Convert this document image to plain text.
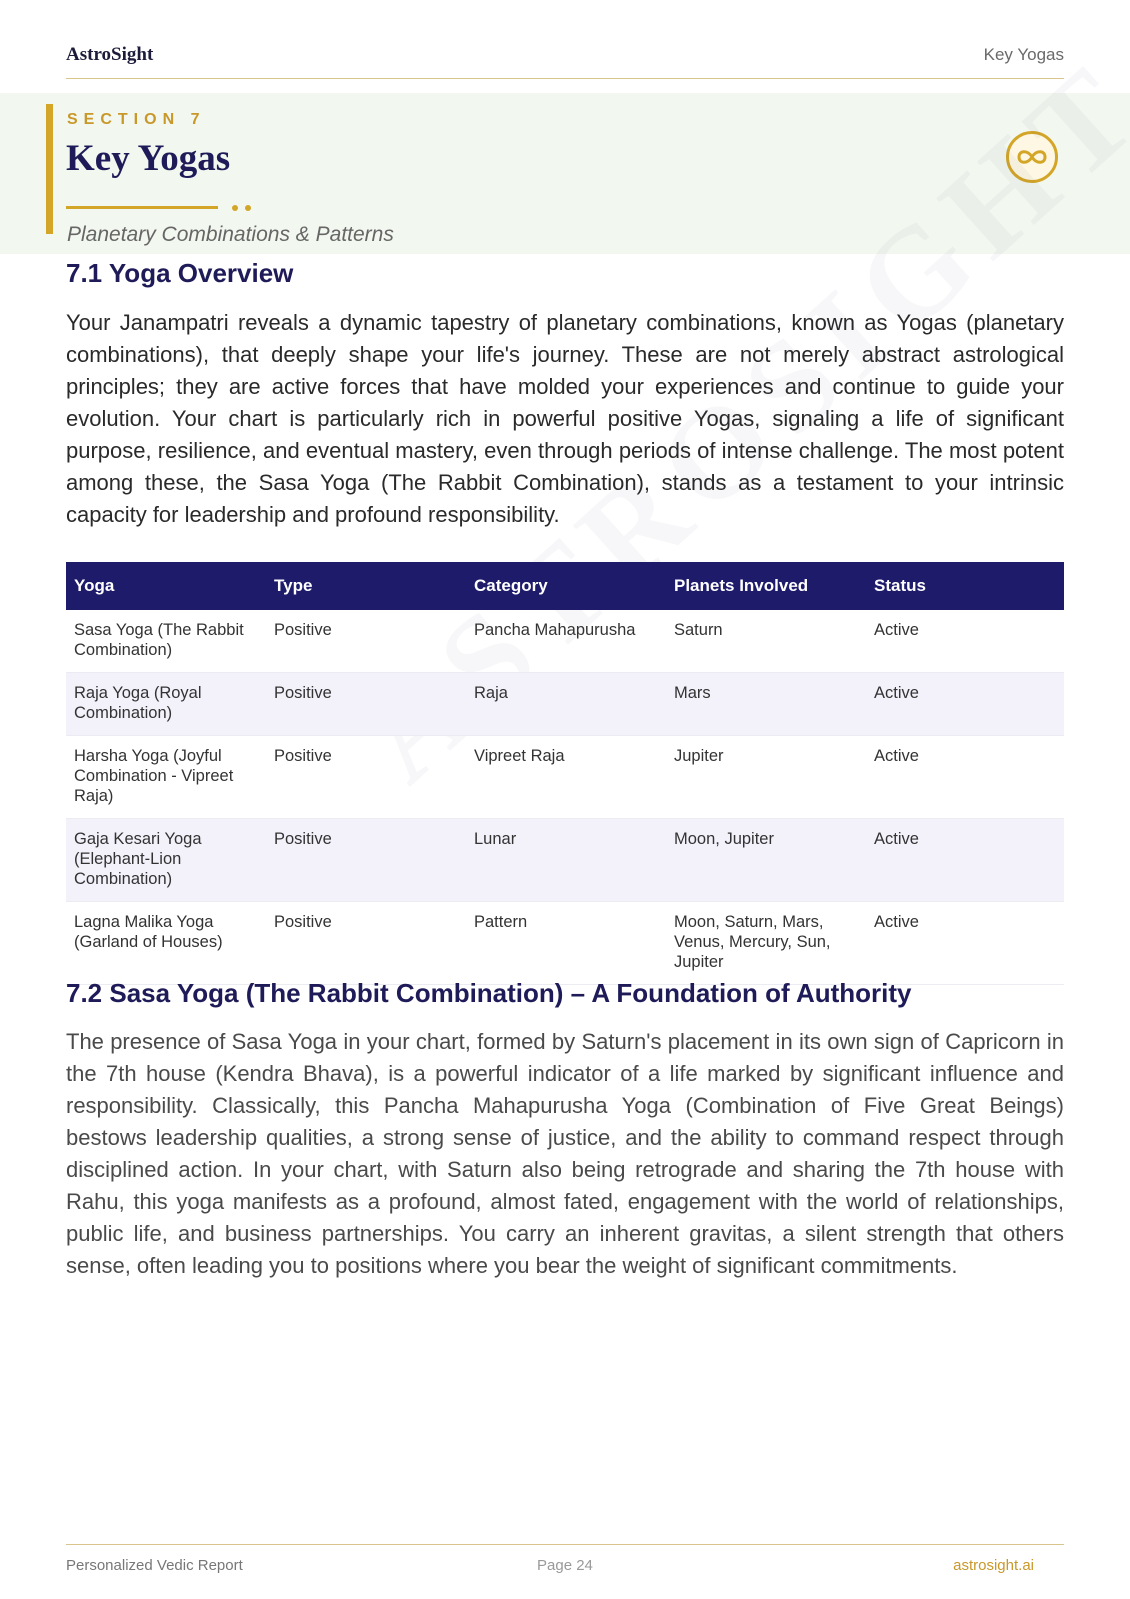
AstroSight	Key Yogas
SECTION 7
Key Yogas
Planetary Combinations & Patterns
7.1 Yoga Overview

Your Janampatri reveals a dynamic tapestry of planetary combinations, known as Yogas (planetary combinations), that deeply shape your life's journey. These are not merely abstract astrological principles; they are active forces that have molded your experiences and continue to guide your evolution. Your chart is particularly rich in powerful positive Yogas, signaling a life of significant purpose, resilience, and eventual mastery, even through periods of intense challenge. The most potent among these, the Sasa Yoga (The Rabbit Combination), stands as a testament to your intrinsic capacity for leadership and profound responsibility.

Yoga	Type	Category	Planets Involved	Status
Sasa Yoga (The Rabbit Combination)	Positive	Pancha Mahapurusha	Saturn	Active
Raja Yoga (Royal Combination)	Positive	Raja	Mars	Active
Harsha Yoga (Joyful Combination - Vipreet Raja)	Positive	Vipreet Raja	Jupiter	Active
Gaja Kesari Yoga (Elephant-Lion Combination)	Positive	Lunar	Moon, Jupiter	Active
Lagna Malika Yoga (Garland of Houses)	Positive	Pattern	Moon, Saturn, Mars, Venus, Mercury, Sun, Jupiter	Active
7.2 Sasa Yoga (The Rabbit Combination) – A Foundation of Authority

The presence of Sasa Yoga in your chart, formed by Saturn's placement in its own sign of Capricorn in the 7th house (Kendra Bhava), is a powerful indicator of a life marked by significant influence and responsibility. Classically, this Pancha Mahapurusha Yoga (Combination of Five Great Beings) bestows leadership qualities, a strong sense of justice, and the ability to command respect through disciplined action. In your chart, with Saturn also being retrograde and sharing the 7th house with Rahu, this yoga manifests as a profound, almost fated, engagement with the world of relationships, public life, and business partnerships. You carry an inherent gravitas, a silent strength that others sense, often leading you to positions where you bear the weight of significant commitments.

Personalized Vedic Report	Page 24	astrosight.ai
